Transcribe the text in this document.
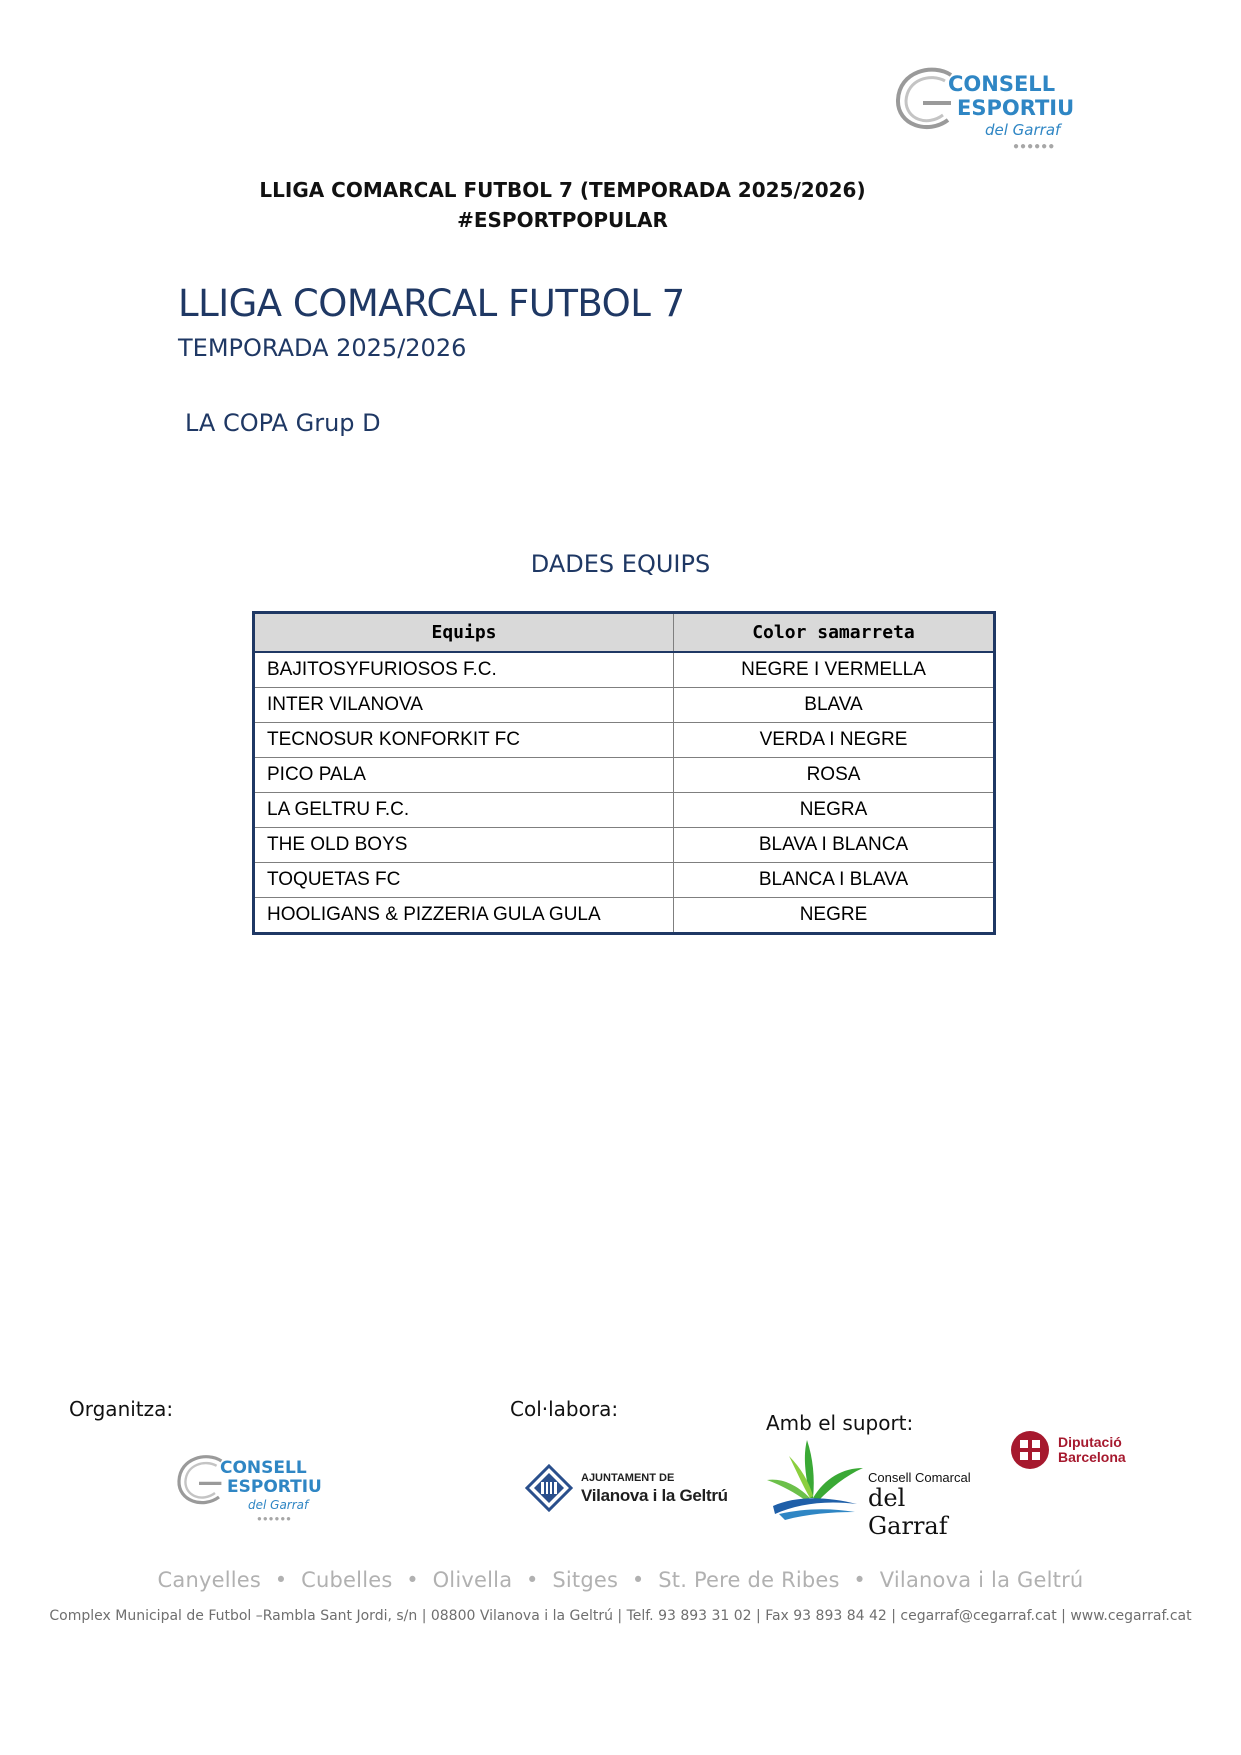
CONSELL
ESPORTIU
del Garraf
●●●●●●
LLIGA COMARCAL FUTBOL 7 (TEMPORADA 2025/2026)
#ESPORTPOPULAR
LLIGA COMARCAL FUTBOL 7
TEMPORADA 2025/2026
LA COPA Grup D
DADES EQUIPS
Equips	Color samarreta
BAJITOSYFURIOSOS F.C.	NEGRE I VERMELLA
INTER VILANOVA	BLAVA
TECNOSUR KONFORKIT FC	VERDA I NEGRE
PICO PALA	ROSA
LA GELTRU F.C.	NEGRA
THE OLD BOYS	BLAVA I BLANCA
TOQUETAS FC	BLANCA I BLAVA
HOOLIGANS & PIZZERIA GULA GULA	NEGRE
Organitza:	Col·labora:
Amb el suport:
CONSELL
ESPORTIU
del Garraf
●●●●●●
AJUNTAMENT DE
Vilanova i la Geltrú
Consell Comarcal
del Garraf
Diputació
Barcelona
Canyelles  •  Cubelles  •  Olivella  •  Sitges  •  St. Pere de Ribes  •  Vilanova i la Geltrú
Complex Municipal de Futbol –Rambla Sant Jordi, s/n | 08800 Vilanova i la Geltrú | Telf. 93 893 31 02 | Fax 93 893 84 42 | cegarraf@cegarraf.cat | www.cegarraf.cat
